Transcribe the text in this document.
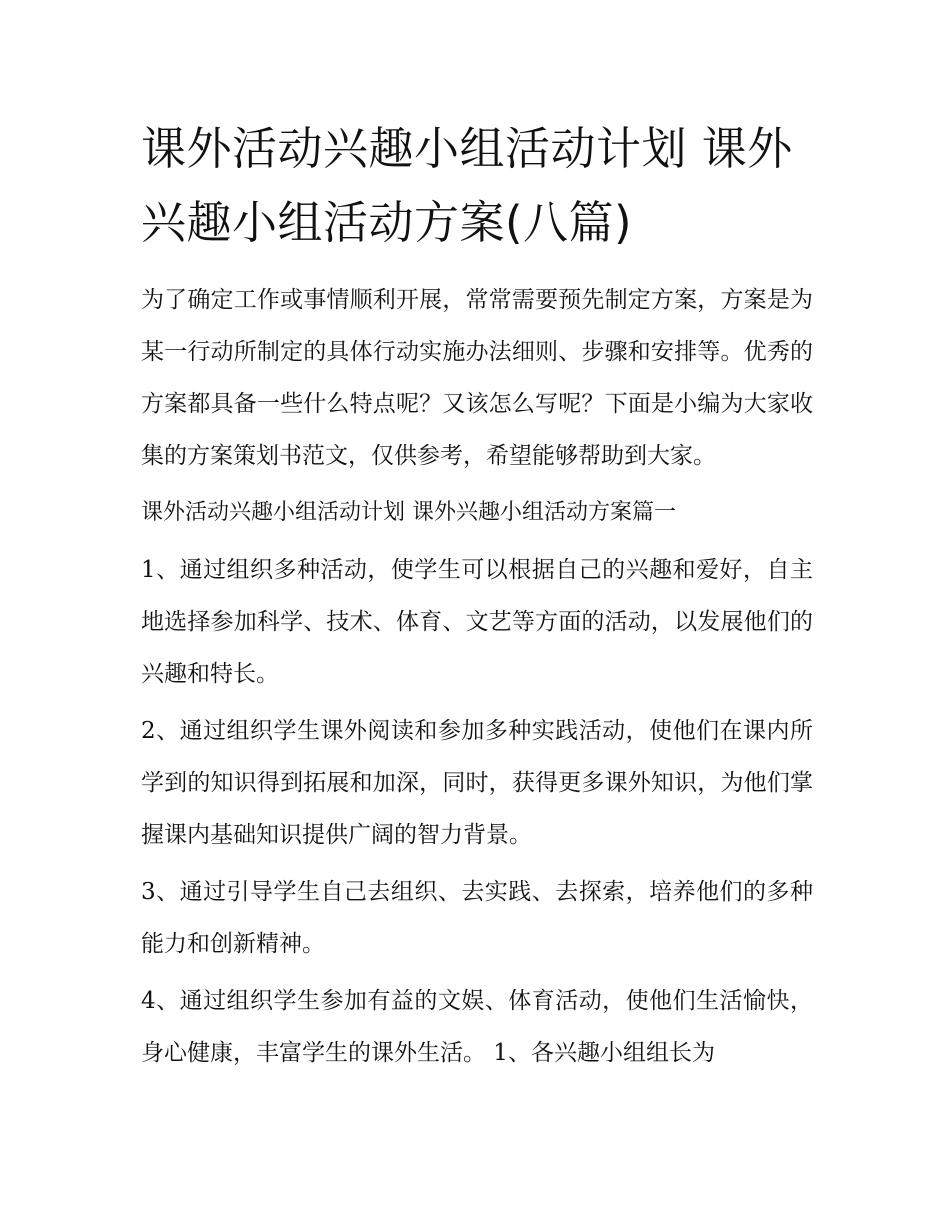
课外活动兴趣小组活动计划 课外兴趣小组活动方案(八篇)

为了确定工作或事情顺利开展，常常需要预先制定方案，方案是为某一行动所制定的具体行动实施办法细则、步骤和安排等。优秀的方案都具备一些什么特点呢？又该怎么写呢？下面是小编为大家收集的方案策划书范文，仅供参考，希望能够帮助到大家。

课外活动兴趣小组活动计划 课外兴趣小组活动方案篇一

1、通过组织多种活动，使学生可以根据自己的兴趣和爱好，自主地选择参加科学、技术、体育、文艺等方面的活动，以发展他们的兴趣和特长。

2、通过组织学生课外阅读和参加多种实践活动，使他们在课内所学到的知识得到拓展和加深，同时，获得更多课外知识，为他们掌握课内基础知识提供广阔的智力背景。

3、通过引导学生自己去组织、去实践、去探索，培养他们的多种能力和创新精神。

4、通过组织学生参加有益的文娱、体育活动，使他们生活愉快，身心健康，丰富学生的课外生活。 1、各兴趣小组组长为
